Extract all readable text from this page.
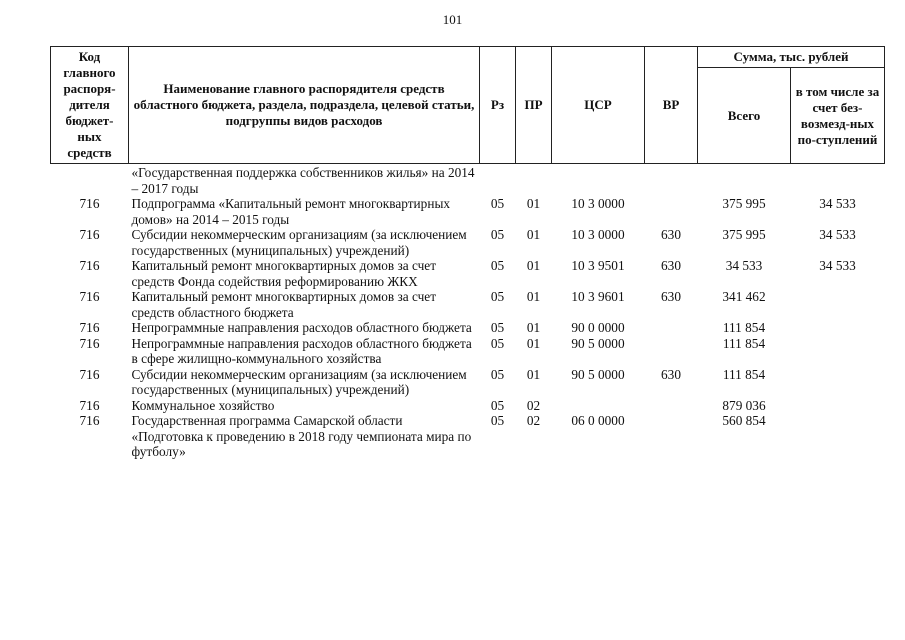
101
Код главного распоря-дителя бюджет-ных средств	Наименование главного распорядителя средств областного бюджета, раздела, подраздела, целевой статьи, подгруппы видов расходов	Рз	ПР	ЦСР	ВР	Сумма, тыс. рублей	
						Всего	в том числе за счет без-возмезд-ных по-ступлений
	«Государственная поддержка собственников жилья» на 2014 – 2017 годы						
716	Подпрограмма «Капитальный ремонт многоквартирных домов» на 2014 – 2015 годы	05	01	10 3 0000		375 995	34 533
716	Субсидии некоммерческим организациям (за исключением государственных (муниципальных) учреждений)	05	01	10 3 0000	630	375 995	34 533
716	Капитальный ремонт многоквартирных домов за счет средств Фонда содействия реформированию ЖКХ	05	01	10 3 9501	630	34 533	34 533
716	Капитальный ремонт многоквартирных домов за счет средств областного бюджета	05	01	10 3 9601	630	341 462	
716	Непрограммные направления расходов областного бюджета	05	01	90 0 0000		111 854	
716	Непрограммные направления расходов областного бюджета в сфере жилищно-коммунального хозяйства	05	01	90 5 0000		111 854	
716	Субсидии некоммерческим организациям (за исключением государственных (муниципальных) учреждений)	05	01	90 5 0000	630	111 854	
716	Коммунальное хозяйство	05	02			879 036	
716	Государственная программа Самарской области «Подготовка к проведению в 2018 году чемпионата мира по футболу»	05	02	06 0 0000		560 854	
